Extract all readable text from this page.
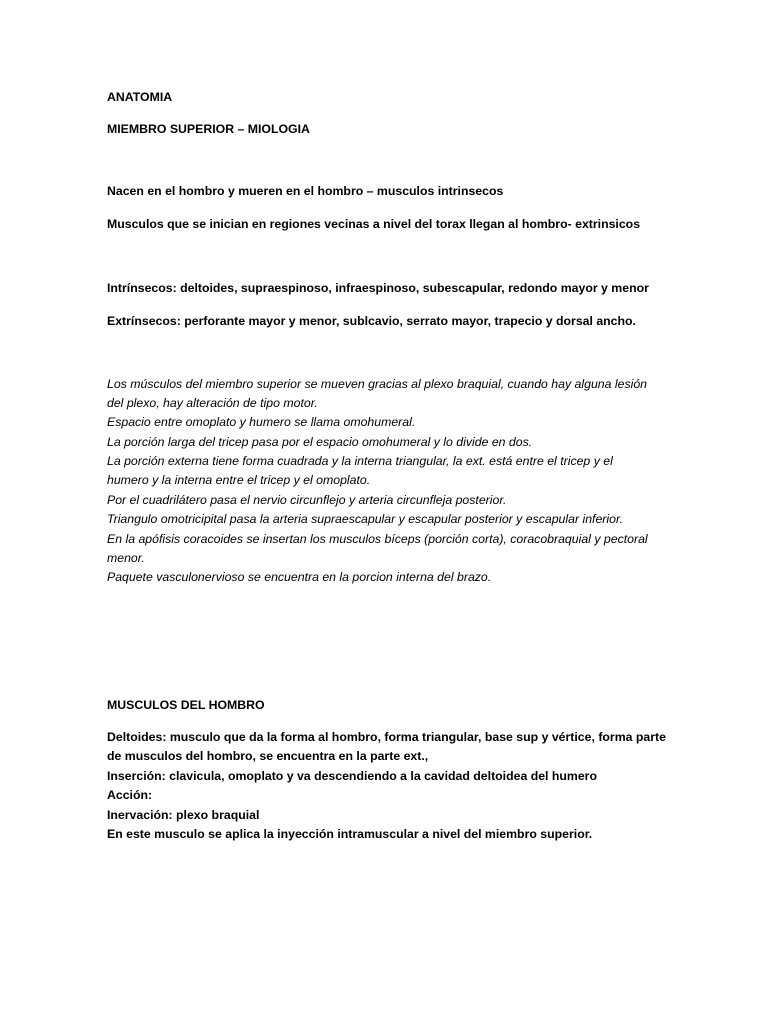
ANATOMIA
MIEMBRO SUPERIOR – MIOLOGIA
Nacen en el hombro y mueren en el hombro – musculos intrinsecos
Musculos que se inician en regiones vecinas a nivel del torax llegan al hombro- extrinsicos
Intrínsecos: deltoides, supraespinoso, infraespinoso, subescapular, redondo mayor y menor
Extrínsecos: perforante mayor y menor, sublcavio, serrato mayor, trapecio y dorsal ancho.
Los músculos del miembro superior se mueven gracias al plexo braquial, cuando hay alguna lesión
del plexo, hay alteración de tipo motor.
Espacio entre omoplato y humero se llama omohumeral.
La porción larga del tricep pasa por el espacio omohumeral y lo divide en dos.
La porción externa tiene forma cuadrada y la interna triangular, la ext. está entre el tricep y el
humero y la interna entre el tricep y el omoplato.
Por el cuadrilátero pasa el nervio circunflejo y arteria circunfleja posterior.
Triangulo omotricipital pasa la arteria supraescapular y escapular posterior y escapular inferior.
En la apófisis coracoides se insertan los musculos bíceps (porción corta), coracobraquial y pectoral
menor.
Paquete vasculonervioso se encuentra en la porcion interna del brazo.
MUSCULOS DEL HOMBRO
Deltoides: musculo que da la forma al hombro, forma triangular, base sup y vértice, forma parte
de musculos del hombro, se encuentra en la parte ext.,
Inserción: clavicula, omoplato y va descendiendo a la cavidad deltoidea del humero
Acción:
Inervación: plexo braquial
En este musculo se aplica la inyección intramuscular a nivel del miembro superior.
